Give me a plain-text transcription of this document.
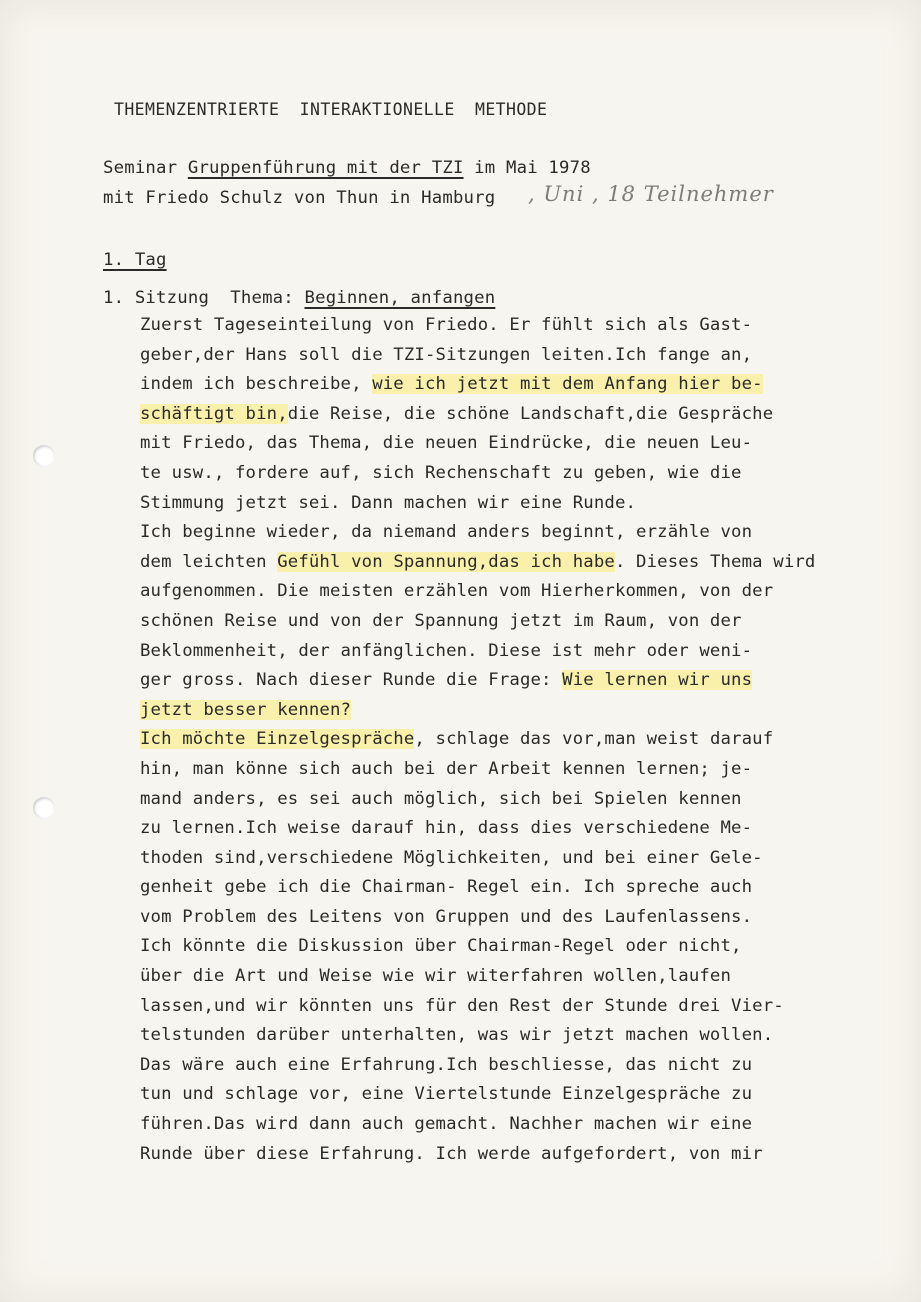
THEMENZENTRIERTE INTERAKTIONELLE METHODE
Seminar Gruppenführung mit der TZI im Mai 1978
mit Friedo Schulz von Thun in Hamburg , Uni , 18 Teilnehmer
1. Tag
1. Sitzung  Thema: Beginnen, anfangen
Zuerst Tageseinteilung von Friedo. Er fühlt sich als Gast-
geber,der Hans soll die TZI-Sitzungen leiten.Ich fange an,
indem ich beschreibe, wie ich jetzt mit dem Anfang hier be-
schäftigt bin,die Reise, die schöne Landschaft,die Gespräche
mit Friedo, das Thema, die neuen Eindrücke, die neuen Leu-
te usw., fordere auf, sich Rechenschaft zu geben, wie die
Stimmung jetzt sei. Dann machen wir eine Runde.
Ich beginne wieder, da niemand anders beginnt, erzähle von
dem leichten Gefühl von Spannung,das ich habe. Dieses Thema wird
aufgenommen. Die meisten erzählen vom Hierherkommen, von der
schönen Reise und von der Spannung jetzt im Raum, von der
Beklommenheit, der anfänglichen. Diese ist mehr oder weni-
ger gross. Nach dieser Runde die Frage: Wie lernen wir uns
jetzt besser kennen?
Ich möchte Einzelgespräche, schlage das vor,man weist darauf
hin, man könne sich auch bei der Arbeit kennen lernen; je-
mand anders, es sei auch möglich, sich bei Spielen kennen
zu lernen.Ich weise darauf hin, dass dies verschiedene Me-
thoden sind,verschiedene Möglichkeiten, und bei einer Gele-
genheit gebe ich die Chairman- Regel ein. Ich spreche auch
vom Problem des Leitens von Gruppen und des Laufenlassens.
Ich könnte die Diskussion über Chairman-Regel oder nicht,
über die Art und Weise wie wir witerfahren wollen,laufen
lassen,und wir könnten uns für den Rest der Stunde drei Vier-
telstunden darüber unterhalten, was wir jetzt machen wollen.
Das wäre auch eine Erfahrung.Ich beschliesse, das nicht zu
tun und schlage vor, eine Viertelstunde Einzelgespräche zu
führen.Das wird dann auch gemacht. Nachher machen wir eine
Runde über diese Erfahrung. Ich werde aufgefordert, von mir
